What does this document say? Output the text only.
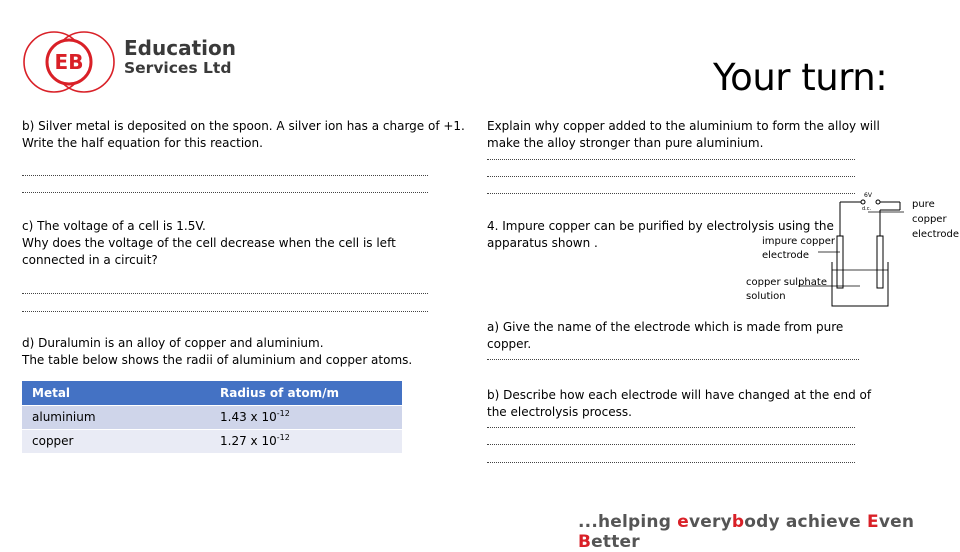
EB
Education
Services Ltd	Your turn:
b) Silver metal is deposited on the spoon. A silver ion has a charge of +1.
Write the half equation for this reaction.
c) The voltage of a cell is 1.5V.
Why does the voltage of the cell decrease when the cell is left
connected in a circuit?
d) Duralumin is an alloy of copper and aluminium.
The table below shows the radii of aluminium and copper atoms.
Metal	Radius of atom/m
aluminium	1.43 x $10^{-12}$
copper	1.27 x $10^{-12}$
Explain why copper added to the aluminium to form the alloy will
make the alloy stronger than pure aluminium.
4. Impure copper can be purified by electrolysis using the
apparatus shown .
6V
d.c.	pure
copper
electrode
impure copper
electrode
copper sulphate
solution
a) Give the name of the electrode which is made from pure
copper.
b) Describe how each electrode will have changed at the end of
the electrolysis process.
...helping everybody achieve Even Better
